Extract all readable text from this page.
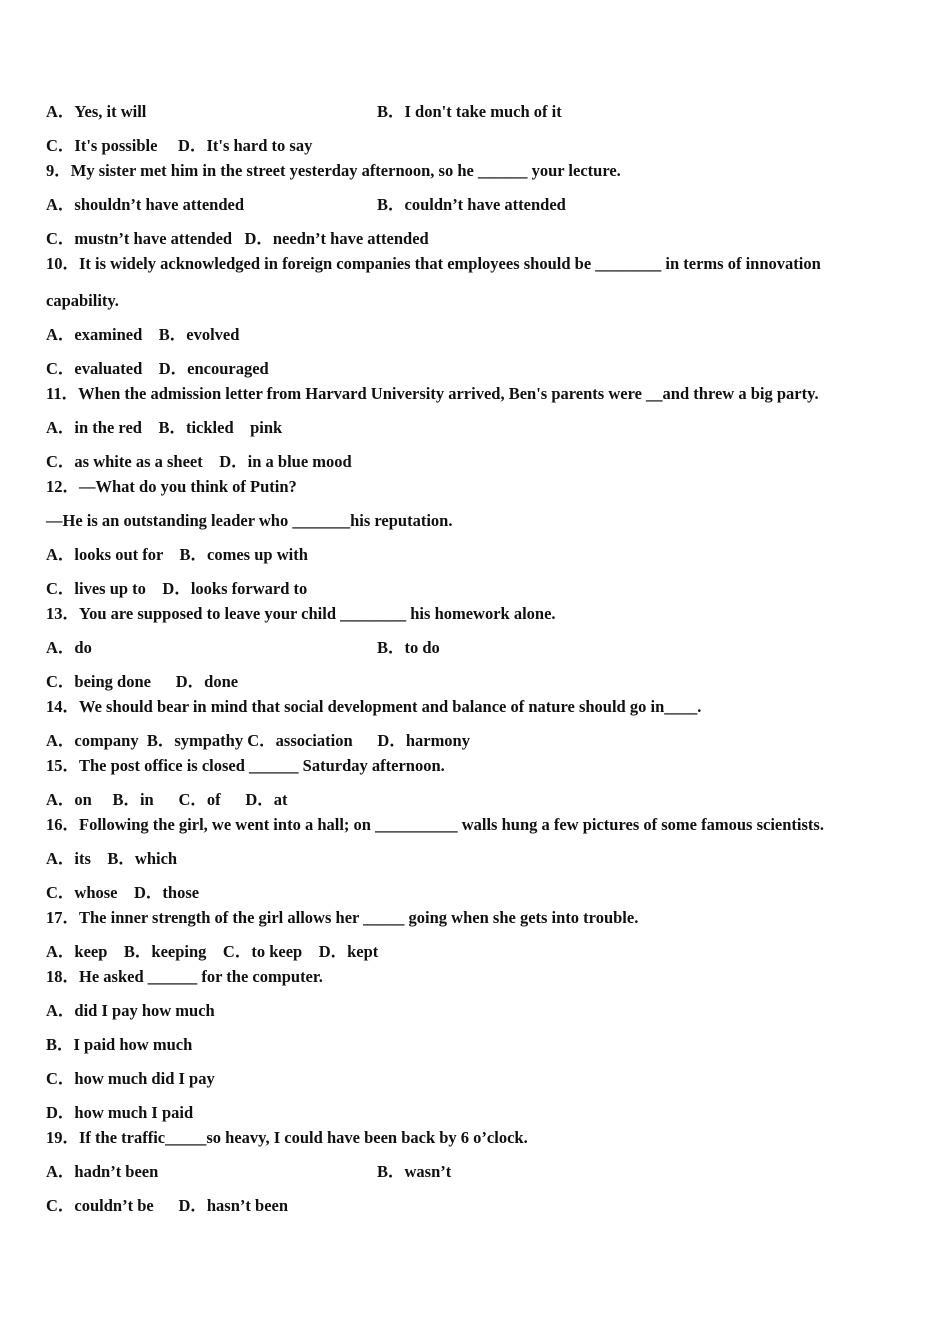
A．Yes, it will	B．I don't take much of it
C．It's possible     D．It's hard to say
9．My sister met him in the street yesterday afternoon, so he ______ your lecture.
A．shouldn’t have attended	B．couldn’t have attended
C．mustn’t have attended   D．needn’t have attended
10．It is widely acknowledged in foreign companies that employees should be ________ in terms of innovation
capability.
A．examined    B．evolved
C．evaluated    D．encouraged
11．When the admission letter from Harvard University arrived, Ben's parents were __and threw a big party.
A．in the red    B．tickled    pink
C．as white as a sheet    D．in a blue mood
12．—What do you think of Putin?
—He is an outstanding leader who _______his reputation.
A．looks out for    B．comes up with
C．lives up to    D．looks forward to
13．You are supposed to leave your child ________ his homework alone.
A．do	B．to do
C．being done      D．done
14．We should bear in mind that social development and balance of nature should go in____.
A．company  B．sympathy C．association      D．harmony
15．The post office is closed ______ Saturday afternoon.
A．on     B．in      C．of      D．at
16．Following the girl, we went into a hall; on __________ walls hung a few pictures of some famous scientists.
A．its    B．which
C．whose    D．those
17．The inner strength of the girl allows her _____ going when she gets into trouble.
A．keep    B．keeping    C．to keep    D．kept
18．He asked ______ for the computer.
A．did I pay how much
B．I paid how much
C．how much did I pay
D．how much I paid
19．If the traffic_____so heavy, I could have been back by 6 o’clock.
A．hadn’t been	B．wasn’t
C．couldn’t be      D．hasn’t been
